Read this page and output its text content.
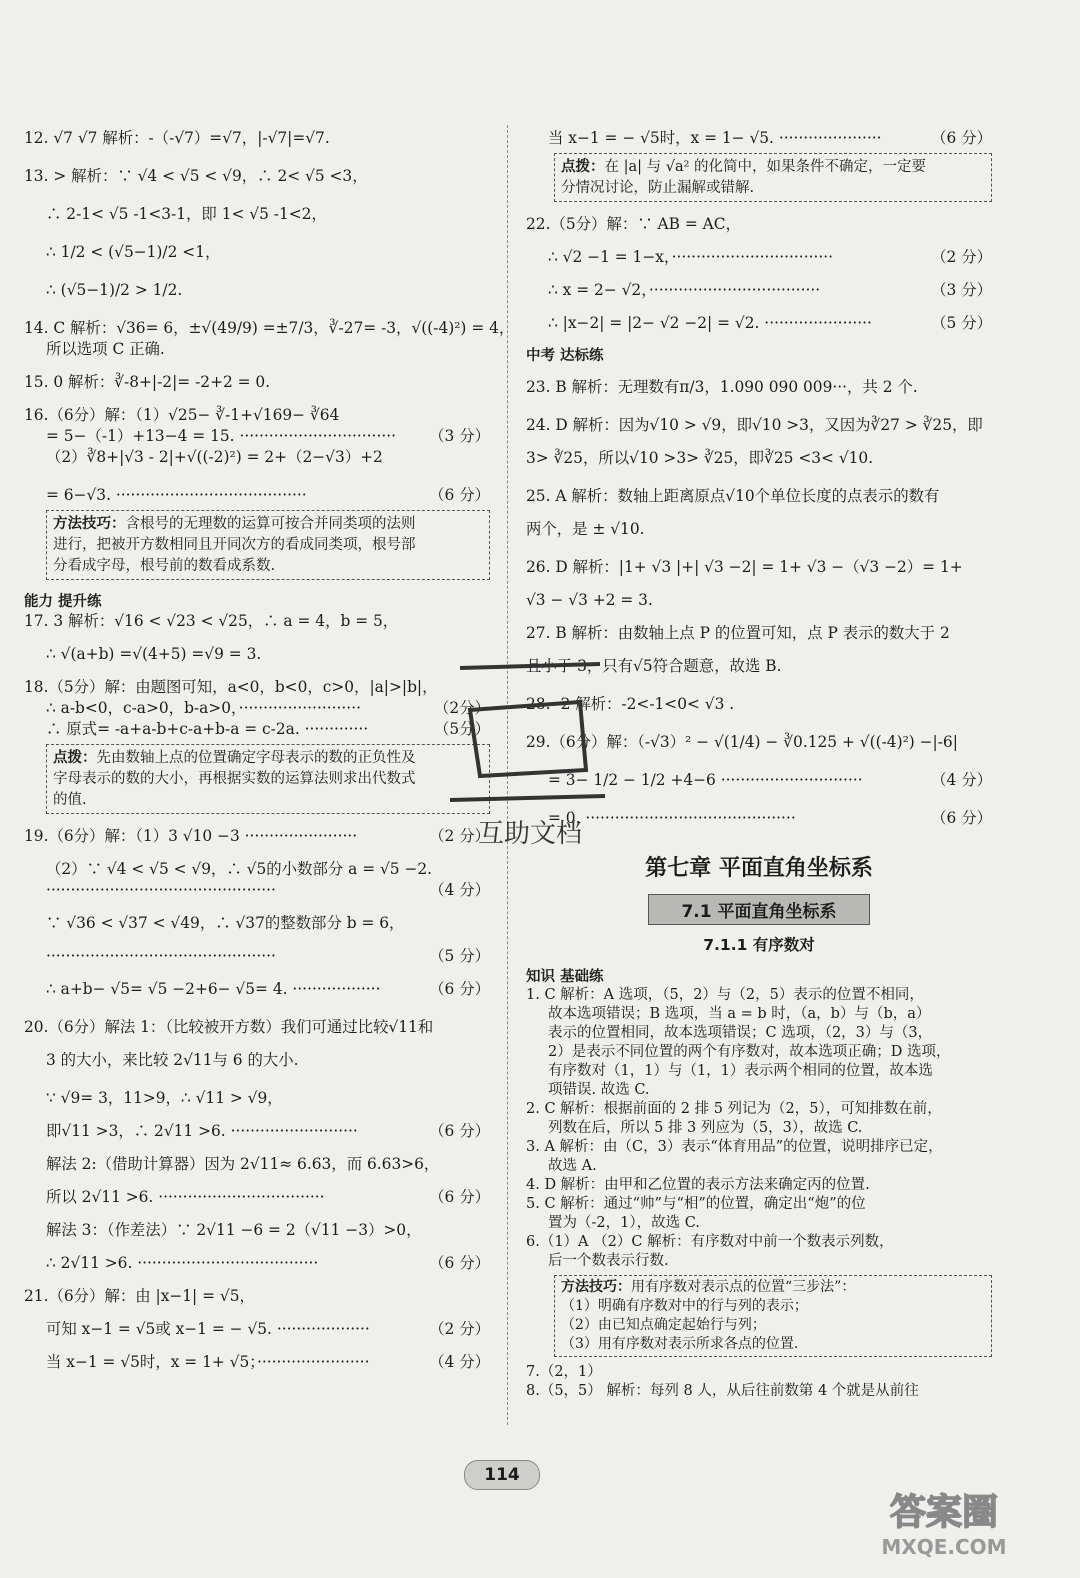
12. √7 √7 解析：-（-√7）=√7，|-√7|=√7.
13. > 解析：∵ √4 < √5 < √9，∴ 2< √5 <3，
∴ 2-1< √5 -1<3-1，即 1< √5 -1<2，
∴ 1/2 < (√5−1)/2 <1，
∴ (√5−1)/2 > 1/2.
14. C 解析：√36= 6，±√(49/9) =±7/3，∛-27= -3，√((-4)²) = 4，
所以选项 C 正确.
15. 0 解析：∛-8+|-2|= -2+2 = 0.
16.（6分）解：（1）√25− ∛-1+√169− ∛64
= 5−（-1）+13−4 = 15. ································ （3 分）
（2）∛8+|√3 - 2|+√((-2)²) = 2+（2−√3）+2
= 6−√3. ·······································	（6 分）
方法技巧：含根号的无理数的运算可按合并同类项的法则
进行，把被开方数相同且开同次方的看成同类项，根号部
分看成字母，根号前的数看成系数.
能力 提升练
17. 3 解析：√16 < √23 < √25，∴ a = 4，b = 5，
∴ √(a+b) =√(4+5) =√9 = 3.
18.（5分）解：由题图可知，a<0，b<0，c>0，|a|>|b|，
∴ a-b<0，c-a>0，b-a>0，·························	（2分）
∴ 原式= -a+a-b+c-a+b-a = c-2a. ·············	（5分）
点拨：先由数轴上点的位置确定字母表示的数的正负性及
字母表示的数的大小，再根据实数的运算法则求出代数式
的值.
19.（6分）解：（1）3 √10 −3 ·······················	（2 分）
（2）∵ √4 < √5 < √9，∴ √5的小数部分 a = √5 −2.
···············································	（4 分）
∵ √36 < √37 < √49，∴ √37的整数部分 b = 6，
···············································	（5 分）
∴ a+b− √5= √5 −2+6− √5= 4. ··················	（6 分）
20.（6分）解法 1：（比较被开方数）我们可通过比较√11和
3 的大小，来比较 2√11与 6 的大小.
∵ √9= 3，11>9，∴ √11 > √9，
即√11 >3，∴ 2√11 >6. ··························	（6 分）
解法 2:（借助计算器）因为 2√11≈ 6.63，而 6.63>6，
所以 2√11 >6. ··································	（6 分）
解法 3：（作差法）∵ 2√11 −6 = 2（√11 −3）>0，
∴ 2√11 >6. ·····································	（6 分）
21.（6分）解：由 |x−1| = √5，
可知 x−1 = √5或 x−1 = − √5. ···················	（2 分）
当 x−1 = √5时，x = 1+ √5；·······················	（4 分）
当 x−1 = − √5时，x = 1− √5. ·····················	（6 分）
点拨：在 |a| 与 √a² 的化简中，如果条件不确定，一定要
分情况讨论，防止漏解或错解.
22.（5分）解：∵ AB = AC，
∴ √2 −1 = 1−x，·································	（2 分）
∴ x = 2− √2，···································	（3 分）
∴ |x−2| = |2− √2 −2| = √2. ······················	（5 分）
中考 达标练
23. B 解析：无理数有π/3，1.090 090 009···，共 2 个.
24. D 解析：因为√10 > √9，即√10 >3，又因为∛27 > ∛25，即
3> ∛25，所以√10 >3> ∛25，即∛25 <3< √10.
25. A 解析：数轴上距离原点√10个单位长度的点表示的数有
两个，是 ± √10.
26. D 解析：|1+ √3 |+| √3 −2| = 1+ √3 −（√3 −2）= 1+
√3 − √3 +2 = 3.
27. B 解析：由数轴上点 P 的位置可知，点 P 表示的数大于 2
且小于 3，只有√5符合题意，故选 B.
28. -2 解析：-2<-1<0< √3 .
29.（6分）解：（-√3）² − √(1/4) − ∛0.125 + √((-4)²) −|-6|
= 3− 1/2 − 1/2 +4−6 ·····························	（4 分）
= 0. ···········································	（6 分）
第七章 平面直角坐标系
7.1 平面直角坐标系
7.1.1 有序数对
知识 基础练
1. C 解析：A 选项，（5，2）与（2，5）表示的位置不相同，
故本选项错误；B 选项，当 a = b 时，（a，b）与（b，a）
表示的位置相同，故本选项错误；C 选项，（2，3）与（3，
2）是表示不同位置的两个有序数对，故本选项正确；D 选项，
有序数对（1，1）与（1，1）表示两个相同的位置，故本选
项错误. 故选 C.
2. C 解析：根据前面的 2 排 5 列记为（2，5），可知排数在前，
列数在后，所以 5 排 3 列应为（5，3），故选 C.
3. A 解析：由（C，3）表示“体育用品”的位置，说明排序已定，
故选 A.
4. D 解析：由甲和乙位置的表示方法来确定丙的位置.
5. C 解析：通过“帅”与“相”的位置，确定出“炮”的位
置为（-2，1），故选 C.
6.（1）A （2）C 解析：有序数对中前一个数表示列数，
后一个数表示行数.
方法技巧：用有序数对表示点的位置“三步法”：
（1）明确有序数对中的行与列的表示；
（2）由已知点确定起始行与列；
（3）用有序数对表示所求各点的位置.
7.（2，1）
8.（5，5） 解析：每列 8 人，从后往前数第 4 个就是从前往
互助文档
114
答案圈
MXQE.COM
